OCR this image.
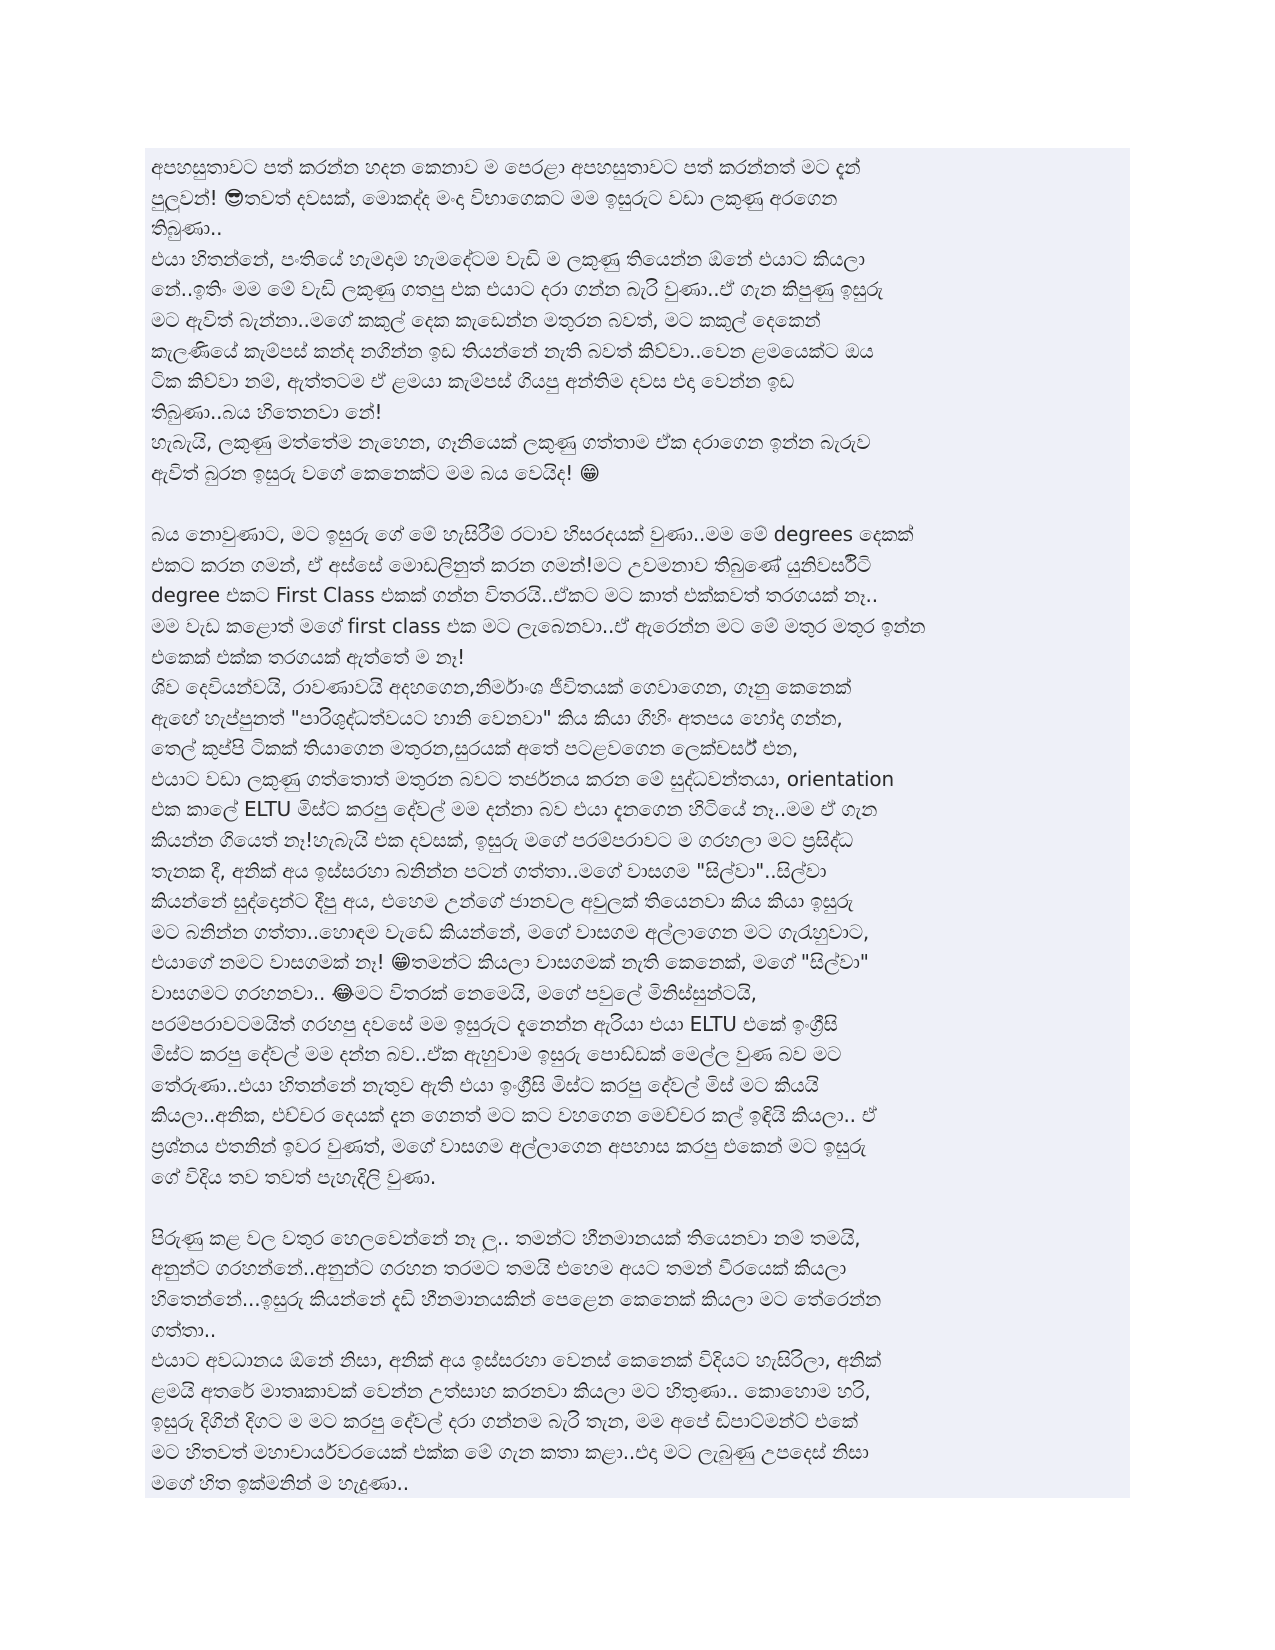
අපහසුතාවට පත් කරන්න හදන කෙනාව ම පෙරළා අපහසුතාවට පත් කරන්නත් මට දැන්
පුලුවන්! 😎තවත් දවසක්, මොකද්ද මංදා විභාගෙකට මම ඉසුරුට වඩා ලකුණු අරගෙන
තිබුණා..
එයා හිතන්නේ, පංතියේ හැමදාම හැමදේටම වැඩි ම ලකුණු තියෙන්න ඕනේ එයාට කියලා
නේ..ඉතිං මම මේ වැඩි ලකුණු ගතපු එක එයාට දරා ගන්න බැරි වුණා..ඒ ගැන කිපුණු ඉසුරු
මට ඇවිත් බැන්නා..මගේ කකුල් දෙක කැඩෙන්න මතුරන බවත්, මට කකුල් දෙකෙන්
කැලණියේ කැම්පස් කන්ද නගින්න ඉඩ තියන්නේ නැති බවත් කිව්වා..වෙන ළමයෙක්ට ඔය
ටික කිව්වා නම්, ඇත්තටම ඒ ළමයා කැම්පස් ගියපු අන්තිම දවස එදා වෙන්න ඉඩ
තිබුණා..බය හිතෙනවා නේ!
හැබැයි, ලකුණු මත්තේම නැහෙන, ගෑනියෙක් ලකුණු ගත්තාම ඒක දරාගෙන ඉන්න බැරුව
ඇවිත් බුරන ඉසුරු වගේ කෙනෙක්ට මම බය වෙයිද! 😁
බය නොවුණාට, මට ඉසුරු ගේ මේ හැසිරීම් රටාව හිසරදයක් වුණා..මම මේ degrees දෙකක්
එකට කරන ගමන්, ඒ අස්සේ මොඩලිනුත් කරන ගමන්!මට උවමනාව තිබුණේ යුනිවර්සිටි
degree එකට First Class එකක් ගන්න විතරයි..ඒකට මට කාත් එක්කවත් තරගයක් නෑ..
මම වැඩ කළොත් මගේ first class එක මට ලැබෙනවා..ඒ ඇරෙන්න මට මේ මතුර මතුර ඉන්න
එකෙක් එක්ක තරගයක් ඇත්තේ ම නෑ!
ශිව දෙවියන්වයි, රාවණාවයි අදහගෙන,නිර්මාංශ ජීවිතයක් ගෙවාගෙන, ගෑනු කෙනෙක්
ඇඟේ හැප්පුනත් "පාරිශුද්ධත්වයට හානි වෙනවා" කිය කියා ගිහිං අතපය හෝදා ගන්න,
තෙල් කුප්පි ටිකක් තියාගෙන මතුරන,සුරයක් අතේ පටළවගෙන ලෙක්චර්ස් එන,
එයාට වඩා ලකුණු ගත්තොත් මතුරන බවට තර්ජනය කරන මේ සුද්ධවන්තයා, orientation
එක කාලේ ELTU මිස්ට කරපු දේවල් මම දන්නා බව එයා දැනගෙන හිටියේ නෑ..මම ඒ ගැන
කියන්න ගියෙත් නෑ!හැබැයි එක දවසක්, ඉසුරු මගේ පරම්පරාවට ම ගරහලා මට ප්‍රසිද්ධ
තැනක දී, අනික් අය ඉස්සරහා බනින්න පටන් ගත්තා..මගේ වාසගම "සිල්වා"..සිල්වා
කියන්නේ සුද්දොන්ට දීපු අය, එහෙම උන්ගේ ජානවල අවුලක් තියෙනවා කිය කියා ඉසුරු
මට බනින්න ගත්තා..හොඳම වැඩේ කියන්නේ, මගේ වාසගම අල්ලාගෙන මට ගැරැහුවාට,
එයාගේ නමට වාසගමක් නෑ! 😁තමන්ට කියලා වාසගමක් නැති කෙනෙක්, මගේ "සිල්වා"
වාසගමට ගරහනවා.. 😂මට විතරක් නෙමෙයි, මගේ පවුලේ මිනිස්සුන්ටයි,
පරම්පරාවටමයිත් ගරහපු දවසේ මම ඉසුරුට දැනෙන්න ඇරියා එයා ELTU එකේ ඉංග්‍රීසි
මිස්ට කරපු දේවල් මම දන්න බව..ඒක ඇහුවාම ඉසුරු පොඩ්ඩක් මෙල්ල වුණ බව මට
තේරුණා..එයා හිතන්නේ නැතුව ඇති එයා ඉංග්‍රීසි මිස්ට කරපු දේවල් මිස් මට කියයි
කියලා..අනික, එච්චර දෙයක් දැන ගෙනත් මට කට වහගෙන මෙච්චර කල් ඉඳියි කියලා.. ඒ
ප්‍රශ්නය එතනින් ඉවර වුණත්, මගේ වාසගම අල්ලාගෙන අපහාස කරපු එකෙන් මට ඉසුරු
ගේ විදිය තව තවත් පැහැදිලි වුණා.
පිරුණු කළ වල වතුර හෙලවෙන්නේ නෑ ලු.. තමන්ට හීනමානයක් තියෙනවා නම් තමයි,
අනුන්ට ගරහන්නේ..අනුන්ට ගරහන තරමට තමයි එහෙම අයට තමන් වීරයෙක් කියලා
හිතෙන්නේ...ඉසුරු කියන්නේ දැඩි හීනමානයකින් පෙළෙන කෙනෙක් කියලා මට තේරෙන්න
ගත්තා..
එයාට අවධානය ඕනේ නිසා, අනික් අය ඉස්සරහා වෙනස් කෙනෙක් විදියට හැසිරිලා, අනික්
ළමයි අතරේ මාතෘකාවක් වෙන්න උත්සාහ කරනවා කියලා මට හිතුණා.. කොහොම හරි,
ඉසුරු දිගින් දිගට ම මට කරපු දේවල් දරා ගන්නම බැරි තැන, මම අපේ ඩිපාට්මන්ට් එකේ
මට හිතවත් මහාචාර්යවරයෙක් එක්ක මේ ගැන කතා කළා..එදා මට ලැබුණු උපදෙස් නිසා
මගේ හිත ඉක්මනින් ම හැදුණා..
